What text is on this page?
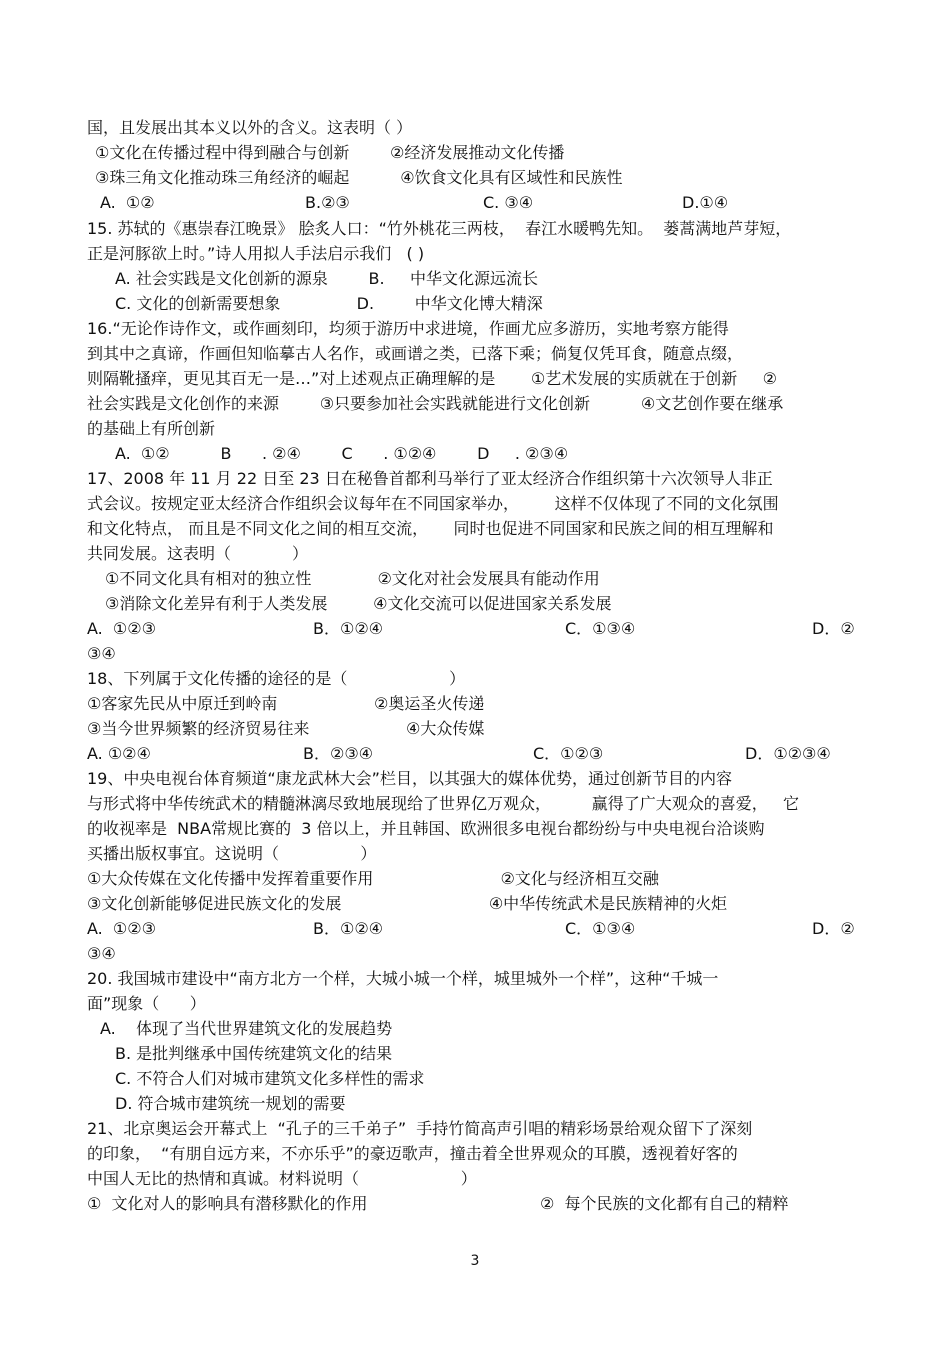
国，且发展出其本义以外的含义。这表明（ ）
①文化在传播过程中得到融合与创新        ②经济发展推动文化传播
③珠三角文化推动珠三角经济的崛起          ④饮食文化具有区域性和民族性
A. ①②	B.②③	C. ③④	D.①④
15. 苏轼的《惠崇春江晚景》 脍炙人口：“竹外桃花三两枝，  春江水暖鸭先知。  蒌蒿满地芦芽短，
正是河豚欲上时。”诗人用拟人手法启示我们   ( )
A. 社会实践是文化创新的源泉        B.     中华文化源远流长
C. 文化的创新需要想象               D.        中华文化博大精深
16.“无论作诗作文，或作画刻印，均须于游历中求进境，作画尤应多游历，实地考察方能得
到其中之真谛，作画但知临摹古人名作，或画谱之类，已落下乘；倘复仅凭耳食，随意点缀，
则隔靴搔痒，更见其百无一是…”对上述观点正确理解的是       ①艺术发展的实质就在于创新     ②
社会实践是文化创作的来源        ③只要参加社会实践就能进行文化创新          ④文艺创作要在继承
的基础上有所创新
A.  ①②          B      . ②④        C      . ①②④        D     . ②③④
17、2008 年 11 月 22 日至 23 日在秘鲁首都利马举行了亚太经济合作组织第十六次领导人非正
式会议。按规定亚太经济合作组织会议每年在不同国家举办，       这样不仅体现了不同的文化氛围
和文化特点， 而且是不同文化之间的相互交流，     同时也促进不同国家和民族之间的相互理解和
共同发展。这表明（            ）
①不同文化具有相对的独立性             ②文化对社会发展具有能动作用
③消除文化差异有利于人类发展         ④文化交流可以促进国家关系发展
A.  ①②③	B．①②④	C．①③④	D．②
③④
18、下列属于文化传播的途径的是（                    ）
①客家先民从中原迁到岭南                   ②奥运圣火传递
③当今世界频繁的经济贸易往来                   ④大众传媒
A. ①②④	B．②③④	C．①②③	D．①②③④
19、中央电视台体育频道“康龙武林大会”栏目，以其强大的媒体优势，通过创新节目的内容
与形式将中华传统武术的精髓淋漓尽致地展现给了世界亿万观众，        赢得了广大观众的喜爱，   它
的收视率是  NBA常规比赛的  3 倍以上，并且韩国、欧洲很多电视台都纷纷与中央电视台洽谈购
买播出版权事宜。这说明（                ）
①大众传媒在文化传播中发挥着重要作用                         ②文化与经济相互交融
③文化创新能够促进民族文化的发展                             ④中华传统武术是民族精神的火炬
A.  ①②③	B．①②④	C．①③④	D．②
③④
20. 我国城市建设中“南方北方一个样，大城小城一个样，城里城外一个样”，这种“千城一
面”现象（      ）
A.    体现了当代世界建筑文化的发展趋势
B. 是批判继承中国传统建筑文化的结果
C. 不符合人们对城市建筑文化多样性的需求
D. 符合城市建筑统一规划的需要
21、北京奥运会开幕式上  “孔子的三千弟子”  手持竹简高声引唱的精彩场景给观众留下了深刻
的印象，  “有朋自远方来，不亦乐乎”的豪迈歌声，撞击着全世界观众的耳膜，透视着好客的
中国人无比的热情和真诚。材料说明（                    ）
①  文化对人的影响具有潜移默化的作用	②  每个民族的文化都有自己的精粹
3
